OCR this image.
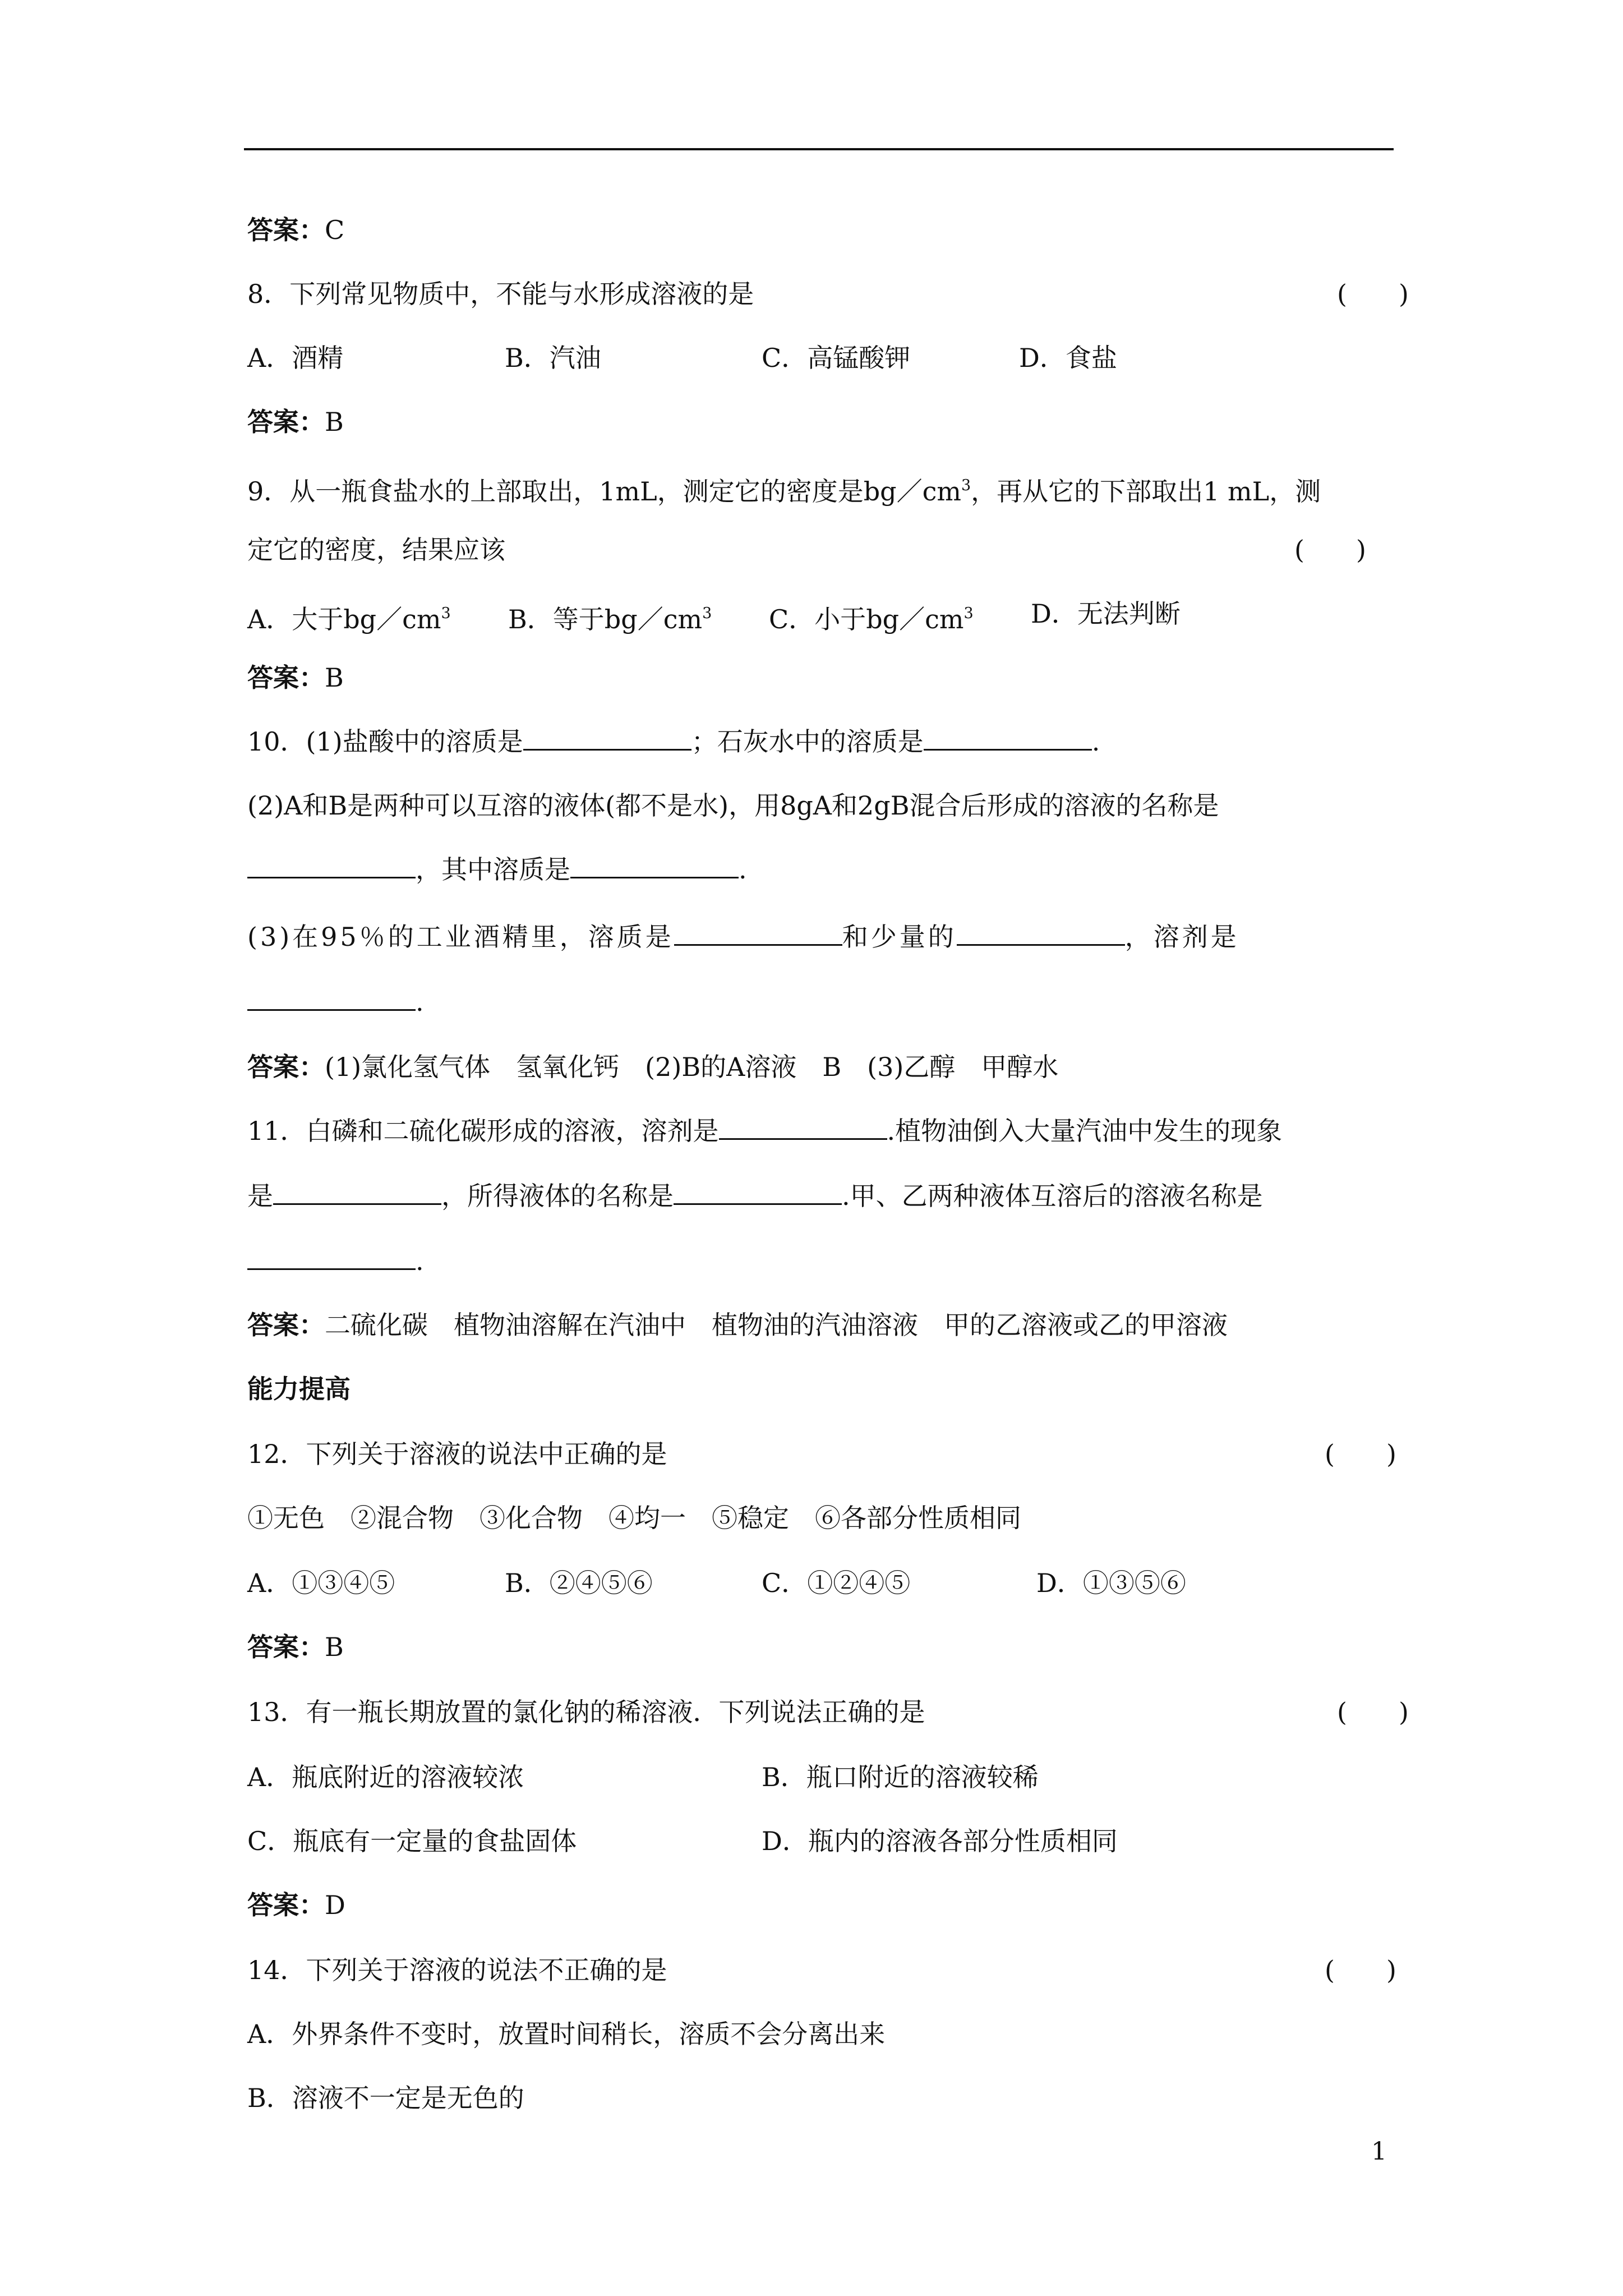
答案：C
8．下列常见物质中，不能与水形成溶液的是	(　　)
A．酒精	B．汽油	C．高锰酸钾	D．食盐
答案：B
9．从一瓶食盐水的上部取出，1mL，测定它的密度是$bg/cm^3$，再从它的下部取出1 mL，测
定它的密度，结果应该	(　　)
A．大于$bg/cm^3$ B．等于$bg/cm^3$ C．小于$bg/cm^3$ D．无法判断
答案：B
10．(1)盐酸中的溶质是	；石灰水中的溶质是	.
(2)A和B是两种可以互溶的液体(都不是水)，用8gA和2gB混合后形成的溶液的名称是
，其中溶质是	.
(3)在95％的工业酒精里，溶质是	和少量的	，溶剂是
.
答案：(1)氯化氢气体　氢氧化钙　(2)B的A溶液　B　(3)乙醇　甲醇水
11．白磷和二硫化碳形成的溶液，溶剂是	.植物油倒入大量汽油中发生的现象
是	，所得液体的名称是	.甲、乙两种液体互溶后的溶液名称是
.
答案：二硫化碳　植物油溶解在汽油中　植物油的汽油溶液　甲的乙溶液或乙的甲溶液
能力提高
12．下列关于溶液的说法中正确的是	(　　)
①无色　②混合物　③化合物　④均一　⑤稳定　⑥各部分性质相同
A．①③④⑤	B．②④⑤⑥	C．①②④⑤	D．①③⑤⑥
答案：B
13．有一瓶长期放置的氯化钠的稀溶液．下列说法正确的是	(　　)
A．瓶底附近的溶液较浓	B．瓶口附近的溶液较稀
C．瓶底有一定量的食盐固体	D．瓶内的溶液各部分性质相同
答案：D
14．下列关于溶液的说法不正确的是	(　　)
A．外界条件不变时，放置时间稍长，溶质不会分离出来
B．溶液不一定是无色的
1
